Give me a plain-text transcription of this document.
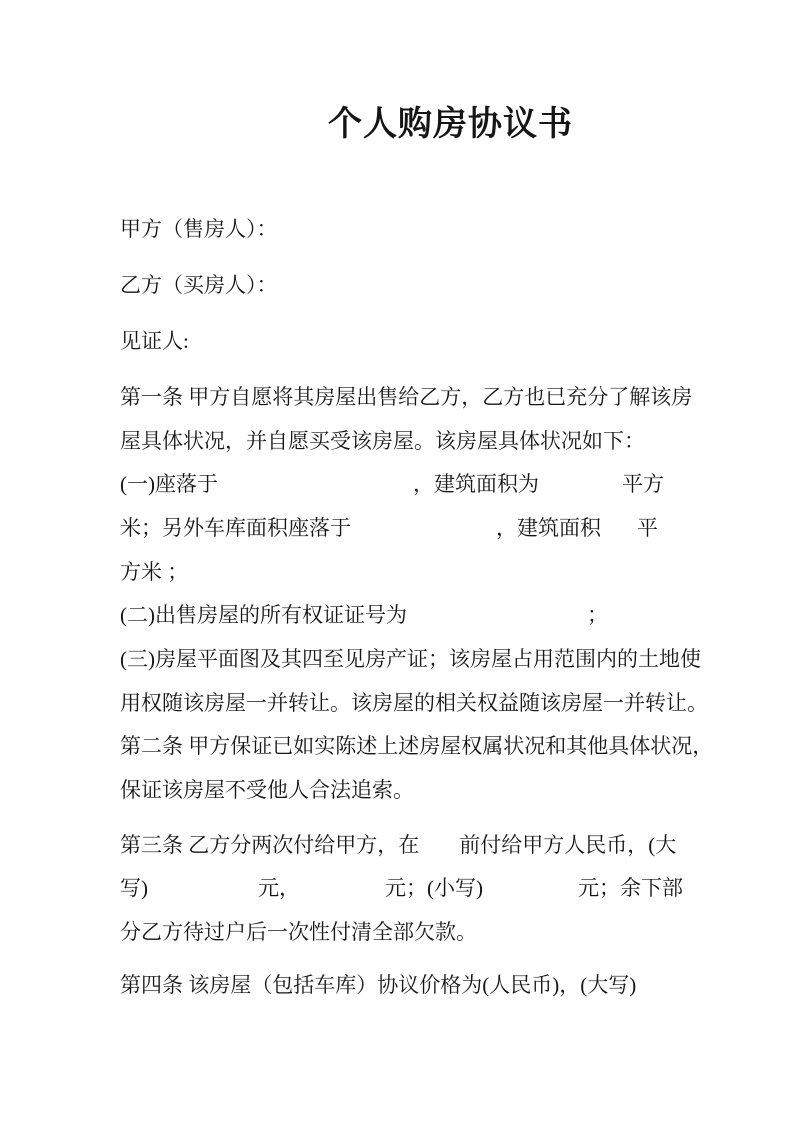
个人购房协议书
甲方（售房人）：
乙方（买房人）：
见证人:
第一条 甲方自愿将其房屋出售给乙方，乙方也已充分了解该房
屋具体状况，并自愿买受该房屋。该房屋具体状况如下：
(一)座落于	，建筑面积为	平方
米；另外车库面积座落于	，建筑面积 平
方米 ；
(二)出售房屋的所有权证证号为	；
(三)房屋平面图及其四至见房产证；该房屋占用范围内的土地使
用权随该房屋一并转让。该房屋的相关权益随该房屋一并转让。
第二条 甲方保证已如实陈述上述房屋权属状况和其他具体状况，
保证该房屋不受他人合法追索。
第三条 乙方分两次付给甲方，在 前付给甲方人民币，(大
写)	元，	元；(小写)	元；余下部
分乙方待过户后一次性付清全部欠款。
第四条 该房屋（包括车库）协议价格为(人民币)，(大写)
